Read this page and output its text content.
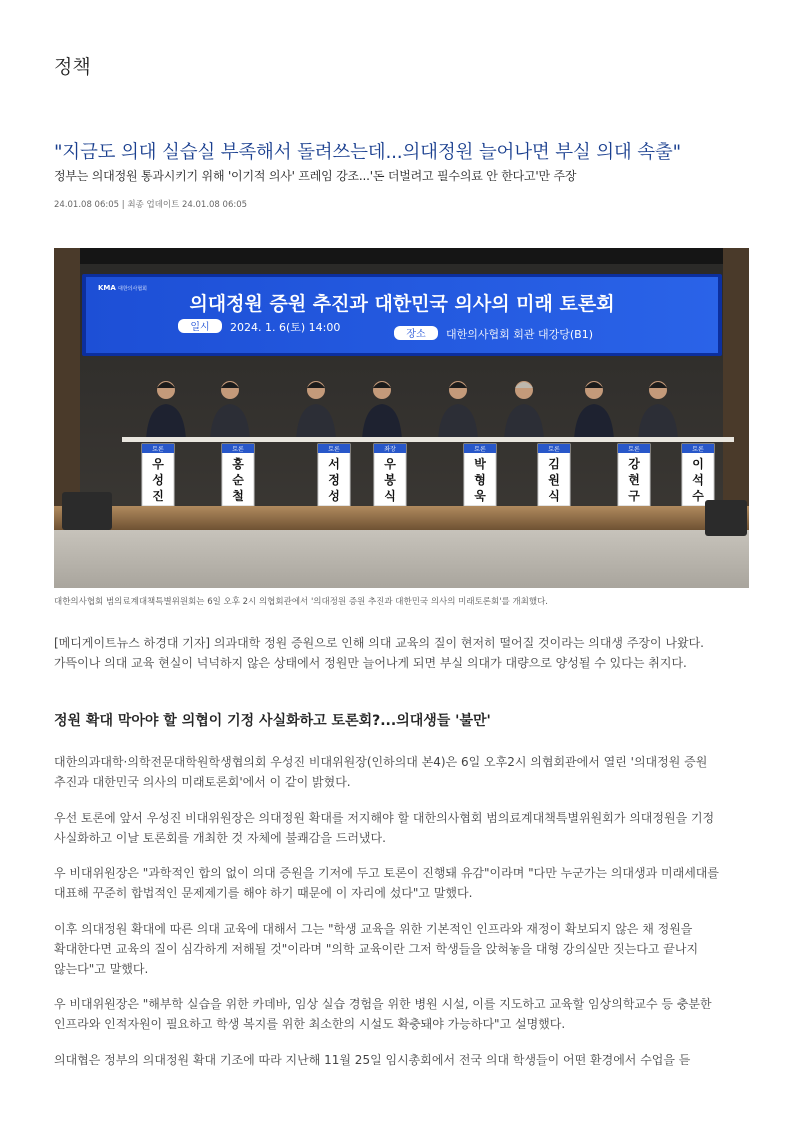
정책
"지금도 의대 실습실 부족해서 돌려쓰는데...의대정원 늘어나면 부실 의대 속출"
정부는 의대정원 통과시키기 위해 '이기적 의사' 프레임 강조...'돈 더벌려고 필수의료 안 한다고'만 주장
24.01.08 06:05 | 최종 업데이트 24.01.08 06:05
KMA 대한의사협회
의대정원 증원 추진과 대한민국 의사의 미래 토론회
일시 2024. 1. 6(토) 14:00
장소 대한의사협회 회관 대강당(B1)
토론
우
성
진
토론
홍
순
철
토론
서
정
성
좌장
우
봉
식
토론
박
형
욱
토론
김
원
식
토론
강
현
구
토론
이
석
수
대한의사협회 범의료계대책특별위원회는 6일 오후 2시 의협회관에서 '의대정원 증원 추진과 대한민국 의사의 미래토론회'를 개최했다.
[메디게이트뉴스 하경대 기자] 의과대학 정원 증원으로 인해 의대 교육의 질이 현저히 떨어질 것이라는 의대생 주장이 나왔다. 가뜩이나 의대 교육 현실이 넉넉하지 않은 상태에서 정원만 늘어나게 되면 부실 의대가 대량으로 양성될 수 있다는 취지다.
정원 확대 막아야 할 의협이 기정 사실화하고 토론회?...의대생들 '불만'
대한의과대학·의학전문대학원학생협의회 우성진 비대위원장(인하의대 본4)은 6일 오후2시 의협회관에서 열린 '의대정원 증원 추진과 대한민국 의사의 미래토론회'에서 이 같이 밝혔다.
우선 토론에 앞서 우성진 비대위원장은 의대정원 확대를 저지해야 할 대한의사협회 범의료계대책특별위원회가 의대정원을 기정 사실화하고 이날 토론회를 개최한 것 자체에 불쾌감을 드러냈다.
우 비대위원장은 "과학적인 합의 없이 의대 증원을 기저에 두고 토론이 진행돼 유감"이라며 "다만 누군가는 의대생과 미래세대를 대표해 꾸준히 합법적인 문제제기를 해야 하기 때문에 이 자리에 섰다"고 말했다.
이후 의대정원 확대에 따른 의대 교육에 대해서 그는 "학생 교육을 위한 기본적인 인프라와 재정이 확보되지 않은 채 정원을 확대한다면 교육의 질이 심각하게 저해될 것"이라며 "의학 교육이란 그저 학생들을 앉혀놓을 대형 강의실만 짓는다고 끝나지 않는다"고 말했다.
우 비대위원장은 "해부학 실습을 위한 카데바, 임상 실습 경험을 위한 병원 시설, 이를 지도하고 교육할 임상의학교수 등 충분한 인프라와 인적자원이 필요하고 학생 복지를 위한 최소한의 시설도 확충돼야 가능하다"고 설명했다.
의대협은 정부의 의대정원 확대 기조에 따라 지난해 11월 25일 임시총회에서 전국 의대 학생들이 어떤 환경에서 수업을 듣
